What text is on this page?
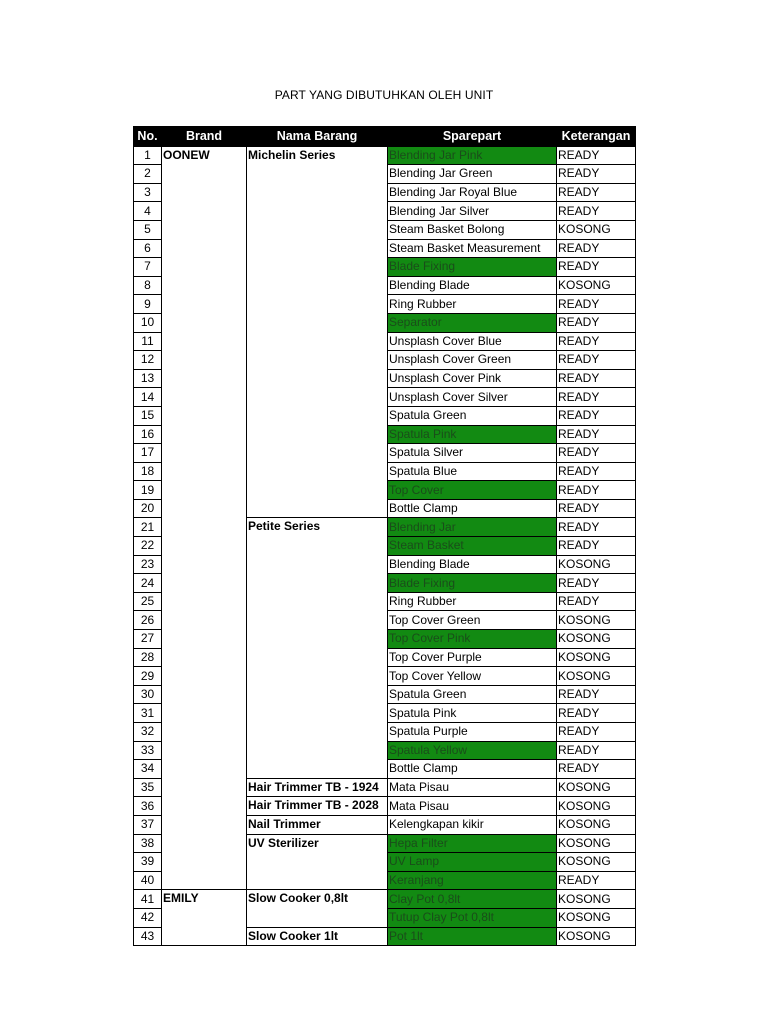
PART YANG DIBUTUHKAN OLEH UNIT
No.	Brand	Nama Barang	Sparepart	Keterangan
1	OONEW	Michelin Series	Blending Jar Pink	READY
2			Blending Jar Green	READY
3			Blending Jar Royal Blue	READY
4			Blending Jar Silver	READY
5			Steam Basket Bolong	KOSONG
6			Steam Basket Measurement	READY
7			Blade Fixing	READY
8			Blending Blade	KOSONG
9			Ring Rubber	READY
10			Separator	READY
11			Unsplash Cover Blue	READY
12			Unsplash Cover Green	READY
13			Unsplash Cover Pink	READY
14			Unsplash Cover Silver	READY
15			Spatula Green	READY
16			Spatula Pink	READY
17			Spatula Silver	READY
18			Spatula Blue	READY
19			Top Cover	READY
20			Bottle Clamp	READY
21		Petite Series	Blending Jar	READY
22			Steam Basket	READY
23			Blending Blade	KOSONG
24			Blade Fixing	READY
25			Ring Rubber	READY
26			Top Cover Green	KOSONG
27			Top Cover Pink	KOSONG
28			Top Cover Purple	KOSONG
29			Top Cover Yellow	KOSONG
30			Spatula Green	READY
31			Spatula Pink	READY
32			Spatula Purple	READY
33			Spatula Yellow	READY
34			Bottle Clamp	READY
35		Hair Trimmer TB - 1924	Mata Pisau	KOSONG
36		Hair Trimmer TB - 2028	Mata Pisau	KOSONG
37		Nail Trimmer	Kelengkapan kikir	KOSONG
38		UV Sterilizer	Hepa Filter	KOSONG
39			UV Lamp	KOSONG
40			Keranjang	READY
41	EMILY	Slow Cooker 0,8lt	Clay Pot 0,8lt	KOSONG
42			Tutup Clay Pot 0,8lt	KOSONG
43		Slow Cooker 1lt	Pot 1lt	KOSONG
